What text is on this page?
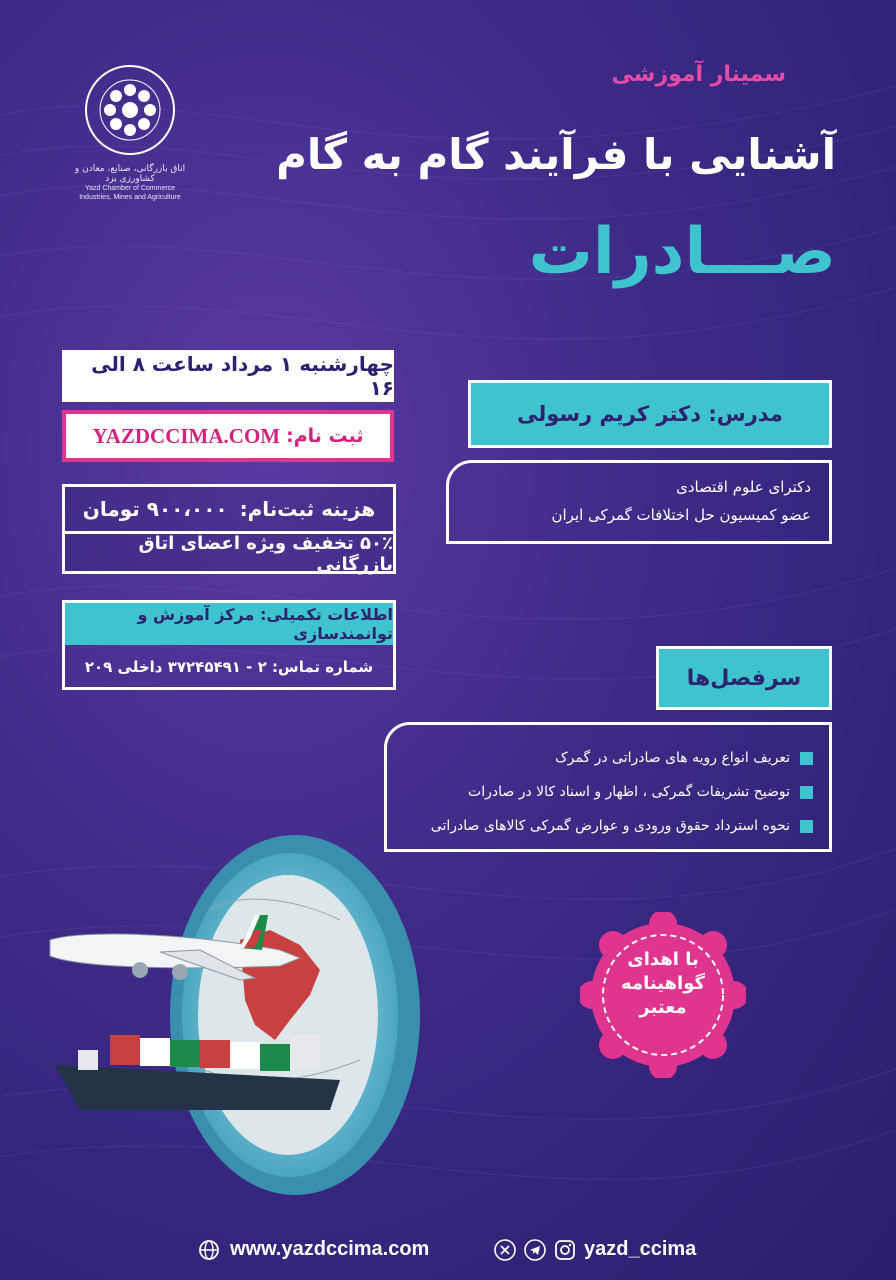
اتاق بازرگانی، صنایع، معادن و کشاورزی یزد
Yazd Chamber of Commerce
Industries, Mines and Agriculture
سمینار آموزشی
آشنایی با فرآیند گام به گام
صـــادرات
چهارشنبه ۱ مرداد ساعت ۸ الی ۱۶
ثبت نام:
YAZDCCIMA.COM
هزینه ثبت‌نام:
۹۰۰،۰۰۰ تومان
۵۰٪ تخفیف ویژه اعضای اتاق بازرگانی
اطلاعات تکمیلی: مرکز آموزش و توانمندسازی
شماره تماس: ۲ - ۳۷۲۴۵۴۹۱ داخلی ۲۰۹
مدرس: دکتر کریم رسولی
دکترای علوم اقتصادی
عضو کمیسیون حل اختلافات گمرکی ایران
سرفصل‌ها
تعریف انواع رویه های صادراتی در گمرک
توضیح تشریفات گمرکی ، اظهار و اسناد کالا در صادرات
نحوه استرداد حقوق ورودی و عوارض گمرکی کالاهای صادراتی
با اهدای
گواهینامه
معتبر
www.yazdccima.com	yazd_ccima
